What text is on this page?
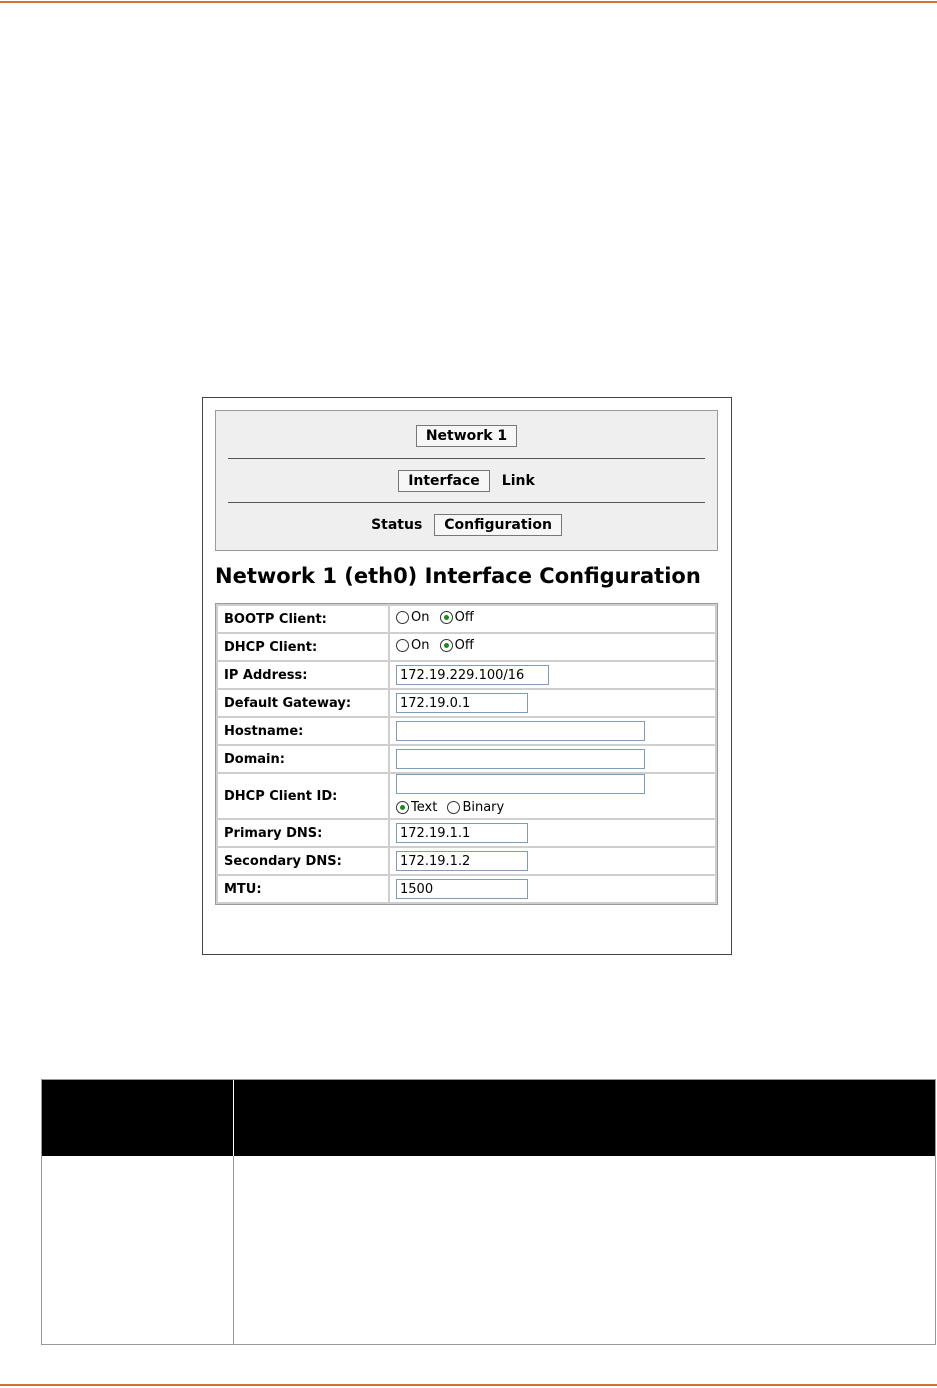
Network 1
Interface	Link
Status	Configuration
Network 1 (eth0) Interface Configuration
BOOTP Client:	On
Off

DHCP Client:	On
Off

IP Address:	172.19.229.100/16
Default Gateway:	172.19.0.1
Hostname:	
Domain:	
DHCP Client ID:	Text
Binary

Primary DNS:	172.19.1.1
Secondary DNS:	172.19.1.2
MTU:	1500
